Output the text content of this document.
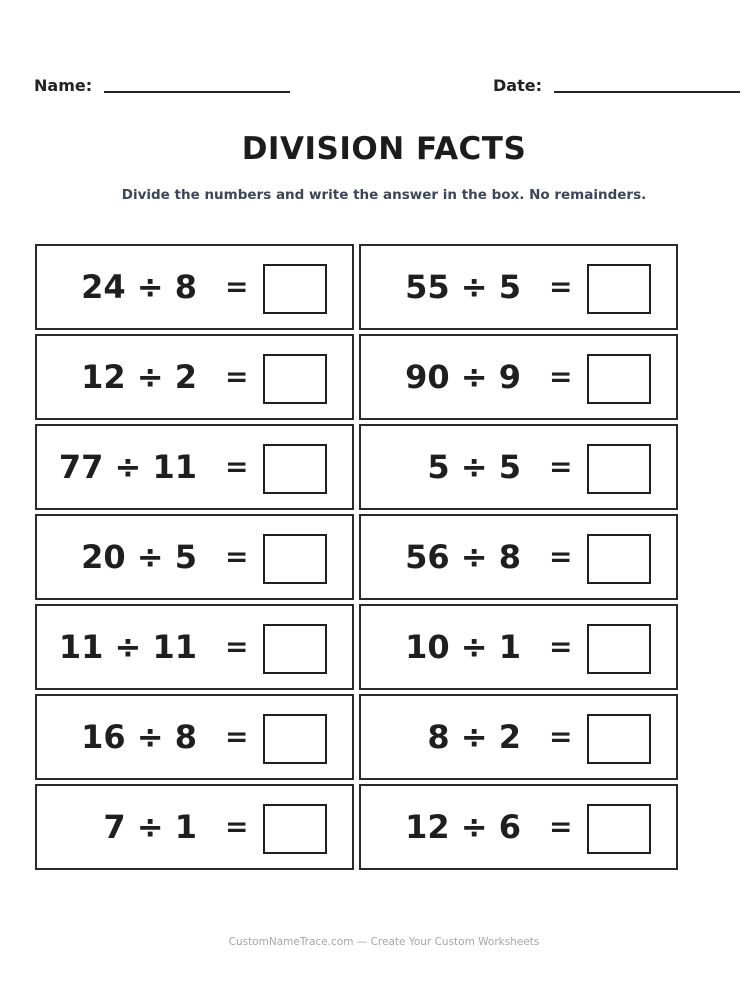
Name:	Date:
DIVISION FACTS
Divide the numbers and write the answer in the box. No remainders.
24 ÷ 8 =	55 ÷ 5 =
12 ÷ 2 =	90 ÷ 9 =
77 ÷ 11 =	5 ÷ 5 =
20 ÷ 5 =	56 ÷ 8 =
11 ÷ 11 =	10 ÷ 1 =
16 ÷ 8 =	8 ÷ 2 =
7 ÷ 1 =	12 ÷ 6 =
CustomNameTrace.com — Create Your Custom Worksheets
